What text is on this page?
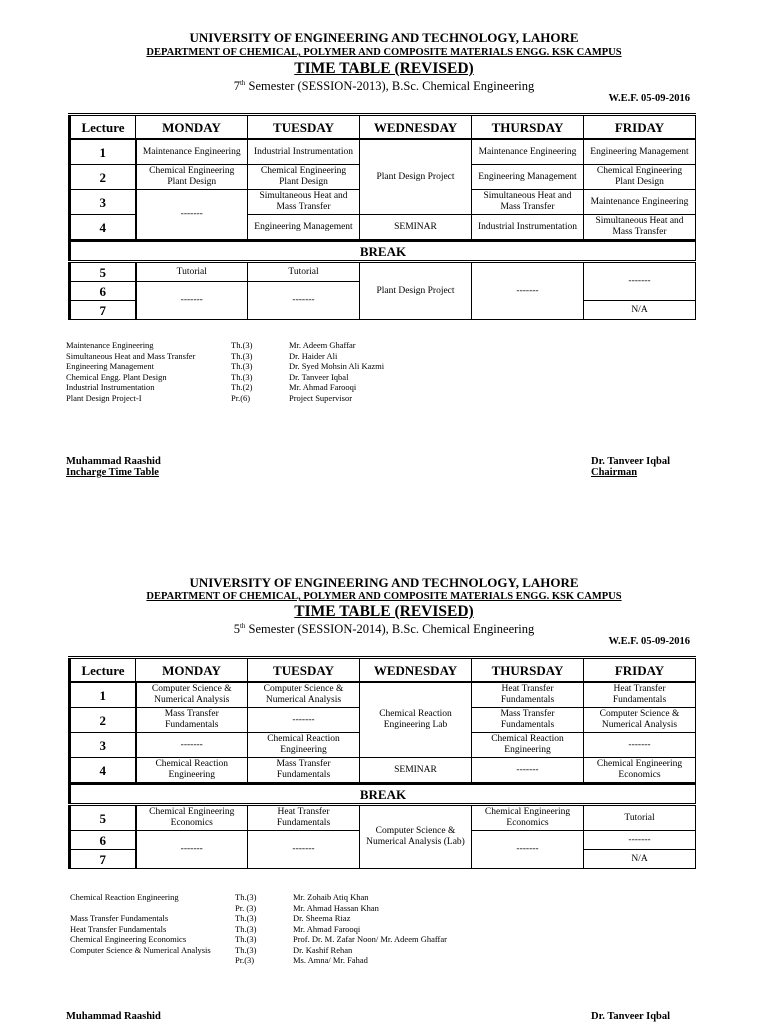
UNIVERSITY OF ENGINEERING AND TECHNOLOGY, LAHORE
DEPARTMENT OF CHEMICAL, POLYMER AND COMPOSITE MATERIALS ENGG. KSK CAMPUS
TIME TABLE (REVISED)
7th Semester (SESSION-2013), B.Sc. Chemical Engineering
W.E.F. 05-09-2016
Lecture	MONDAY	TUESDAY	WEDNESDAY	THURSDAY	FRIDAY
1	Maintenance Engineering	Industrial Instrumentation	Plant Design Project	Maintenance Engineering	Engineering Management
2	Chemical Engineering Plant Design	Chemical Engineering Plant Design		Engineering Management	Chemical Engineering Plant Design
3	-------	Simultaneous Heat and Mass Transfer		Simultaneous Heat and Mass Transfer	Maintenance Engineering
4		Engineering Management	SEMINAR	Industrial Instrumentation	Simultaneous Heat and Mass Transfer
BREAK					
5	Tutorial	Tutorial	Plant Design Project	-------	-------
6	-------	-------			
7					N/A
Maintenance Engineering	Th.(3)	Mr. Adeem Ghaffar
Simultaneous Heat and Mass Transfer	Th.(3)	Dr. Haider Ali
Engineering Management	Th.(3)	Dr. Syed Mohsin Ali Kazmi
Chemical Engg. Plant Design	Th.(3)	Dr. Tanveer Iqbal
Industrial Instrumentation	Th.(2)	Mr. Ahmad Farooqi
Plant Design Project-I	Pr.(6)	Project Supervisor
Muhammad Raashid
Incharge Time Table
Dr. Tanveer Iqbal
Chairman
UNIVERSITY OF ENGINEERING AND TECHNOLOGY, LAHORE
DEPARTMENT OF CHEMICAL, POLYMER AND COMPOSITE MATERIALS ENGG. KSK CAMPUS
TIME TABLE (REVISED)
5th Semester (SESSION-2014), B.Sc. Chemical Engineering
W.E.F. 05-09-2016
Lecture	MONDAY	TUESDAY	WEDNESDAY	THURSDAY	FRIDAY
1	Computer Science & Numerical Analysis	Computer Science & Numerical Analysis	Chemical Reaction Engineering Lab	Heat Transfer Fundamentals	Heat Transfer Fundamentals
2	Mass Transfer Fundamentals	-------		Mass Transfer Fundamentals	Computer Science & Numerical Analysis
3	-------	Chemical Reaction Engineering		Chemical Reaction Engineering	-------
4	Chemical Reaction Engineering	Mass Transfer Fundamentals	SEMINAR	-------	Chemical Engineering Economics
BREAK					
5	Chemical Engineering Economics	Heat Transfer Fundamentals	Computer Science & Numerical Analysis (Lab)	Chemical Engineering Economics	Tutorial
6	-------	-------		-------	-------
7					N/A
Chemical Reaction Engineering	Th.(3)	Mr. Zohaib Atiq Khan
Pr. (3)	Mr. Ahmad Hassan Khan
Mass Transfer Fundamentals	Th.(3)	Dr. Sheema Riaz
Heat Transfer Fundamentals	Th.(3)	Mr. Ahmad Farooqi
Chemical Engineering Economics	Th.(3)	Prof. Dr. M. Zafar Noon/ Mr. Adeem Ghaffar
Computer Science & Numerical Analysis	Th.(3)	Dr. Kashif Rehan
Pr.(3)	Ms. Amna/ Mr. Fahad
Muhammad Raashid	Dr. Tanveer Iqbal
